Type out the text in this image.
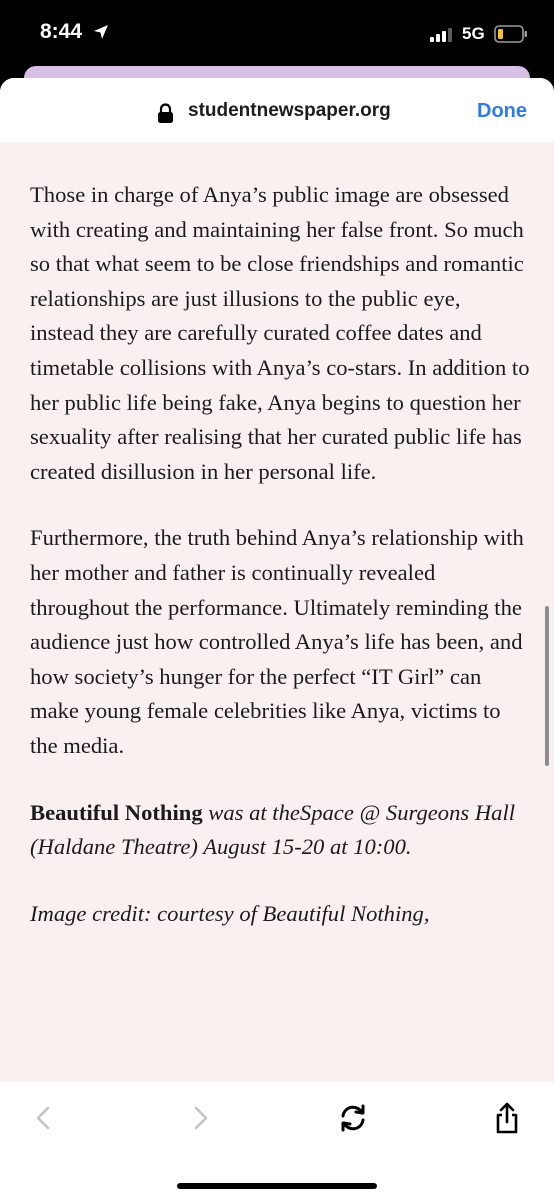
8:44	5G
studentnewspaper.org	Done

Those in charge of Anya’s public image are obsessed with creating and maintaining her false front. So much so that what seem to be close friendships and romantic relationships are just illusions to the public eye, instead they are carefully curated coffee dates and timetable collisions with Anya’s co-stars. In addition to her public life being fake, Anya begins to question her sexuality after realising that her curated public life has created disillusion in her personal life.

Furthermore, the truth behind Anya’s relationship with her mother and father is continually revealed throughout the performance. Ultimately reminding the audience just how controlled Anya’s life has been, and how society’s hunger for the perfect “IT Girl” can make young female celebrities like Anya, victims to the media.

Beautiful Nothing was at theSpace @ Surgeons Hall (Haldane Theatre) August 15-20 at 10:00.

Image credit: courtesy of Beautiful Nothing,
